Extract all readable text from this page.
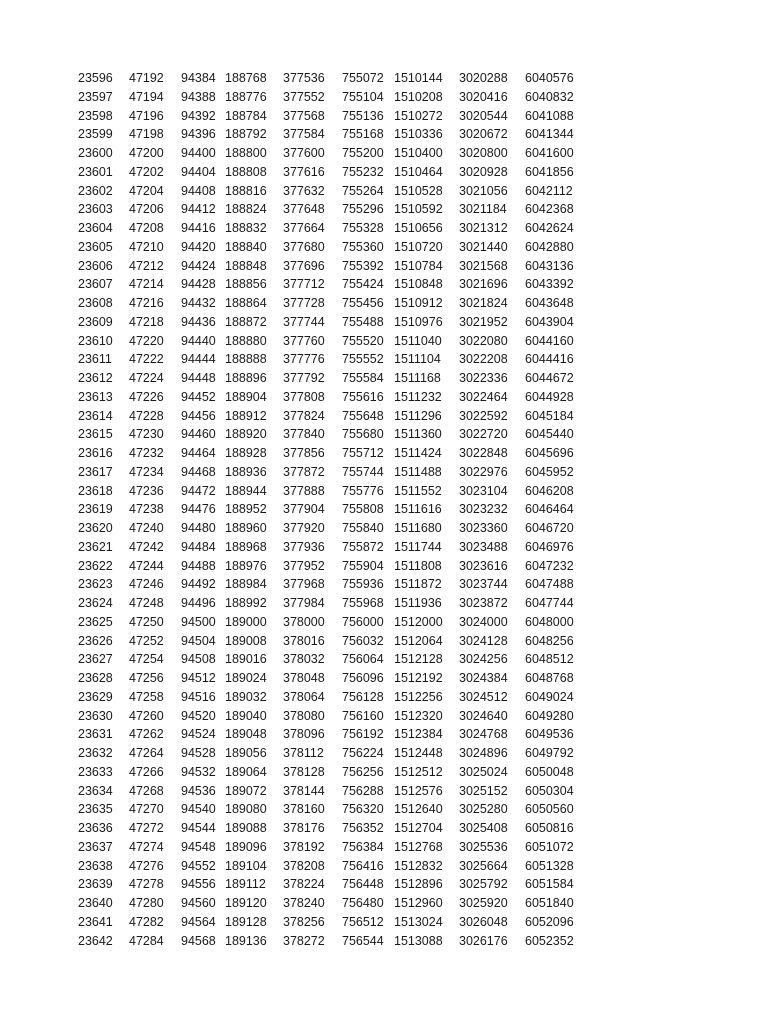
23596 47192 94384 188768 377536 755072 1510144 3020288 6040576
23597 47194 94388 188776 377552 755104 1510208 3020416 6040832
23598 47196 94392 188784 377568 755136 1510272 3020544 6041088
23599 47198 94396 188792 377584 755168 1510336 3020672 6041344
23600 47200 94400 188800 377600 755200 1510400 3020800 6041600
23601 47202 94404 188808 377616 755232 1510464 3020928 6041856
23602 47204 94408 188816 377632 755264 1510528 3021056 6042112
23603 47206 94412 188824 377648 755296 1510592 3021184 6042368
23604 47208 94416 188832 377664 755328 1510656 3021312 6042624
23605 47210 94420 188840 377680 755360 1510720 3021440 6042880
23606 47212 94424 188848 377696 755392 1510784 3021568 6043136
23607 47214 94428 188856 377712 755424 1510848 3021696 6043392
23608 47216 94432 188864 377728 755456 1510912 3021824 6043648
23609 47218 94436 188872 377744 755488 1510976 3021952 6043904
23610 47220 94440 188880 377760 755520 1511040 3022080 6044160
23611 47222 94444 188888 377776 755552 1511104 3022208 6044416
23612 47224 94448 188896 377792 755584 1511168 3022336 6044672
23613 47226 94452 188904 377808 755616 1511232 3022464 6044928
23614 47228 94456 188912 377824 755648 1511296 3022592 6045184
23615 47230 94460 188920 377840 755680 1511360 3022720 6045440
23616 47232 94464 188928 377856 755712 1511424 3022848 6045696
23617 47234 94468 188936 377872 755744 1511488 3022976 6045952
23618 47236 94472 188944 377888 755776 1511552 3023104 6046208
23619 47238 94476 188952 377904 755808 1511616 3023232 6046464
23620 47240 94480 188960 377920 755840 1511680 3023360 6046720
23621 47242 94484 188968 377936 755872 1511744 3023488 6046976
23622 47244 94488 188976 377952 755904 1511808 3023616 6047232
23623 47246 94492 188984 377968 755936 1511872 3023744 6047488
23624 47248 94496 188992 377984 755968 1511936 3023872 6047744
23625 47250 94500 189000 378000 756000 1512000 3024000 6048000
23626 47252 94504 189008 378016 756032 1512064 3024128 6048256
23627 47254 94508 189016 378032 756064 1512128 3024256 6048512
23628 47256 94512 189024 378048 756096 1512192 3024384 6048768
23629 47258 94516 189032 378064 756128 1512256 3024512 6049024
23630 47260 94520 189040 378080 756160 1512320 3024640 6049280
23631 47262 94524 189048 378096 756192 1512384 3024768 6049536
23632 47264 94528 189056 378112 756224 1512448 3024896 6049792
23633 47266 94532 189064 378128 756256 1512512 3025024 6050048
23634 47268 94536 189072 378144 756288 1512576 3025152 6050304
23635 47270 94540 189080 378160 756320 1512640 3025280 6050560
23636 47272 94544 189088 378176 756352 1512704 3025408 6050816
23637 47274 94548 189096 378192 756384 1512768 3025536 6051072
23638 47276 94552 189104 378208 756416 1512832 3025664 6051328
23639 47278 94556 189112 378224 756448 1512896 3025792 6051584
23640 47280 94560 189120 378240 756480 1512960 3025920 6051840
23641 47282 94564 189128 378256 756512 1513024 3026048 6052096
23642 47284 94568 189136 378272 756544 1513088 3026176 6052352
